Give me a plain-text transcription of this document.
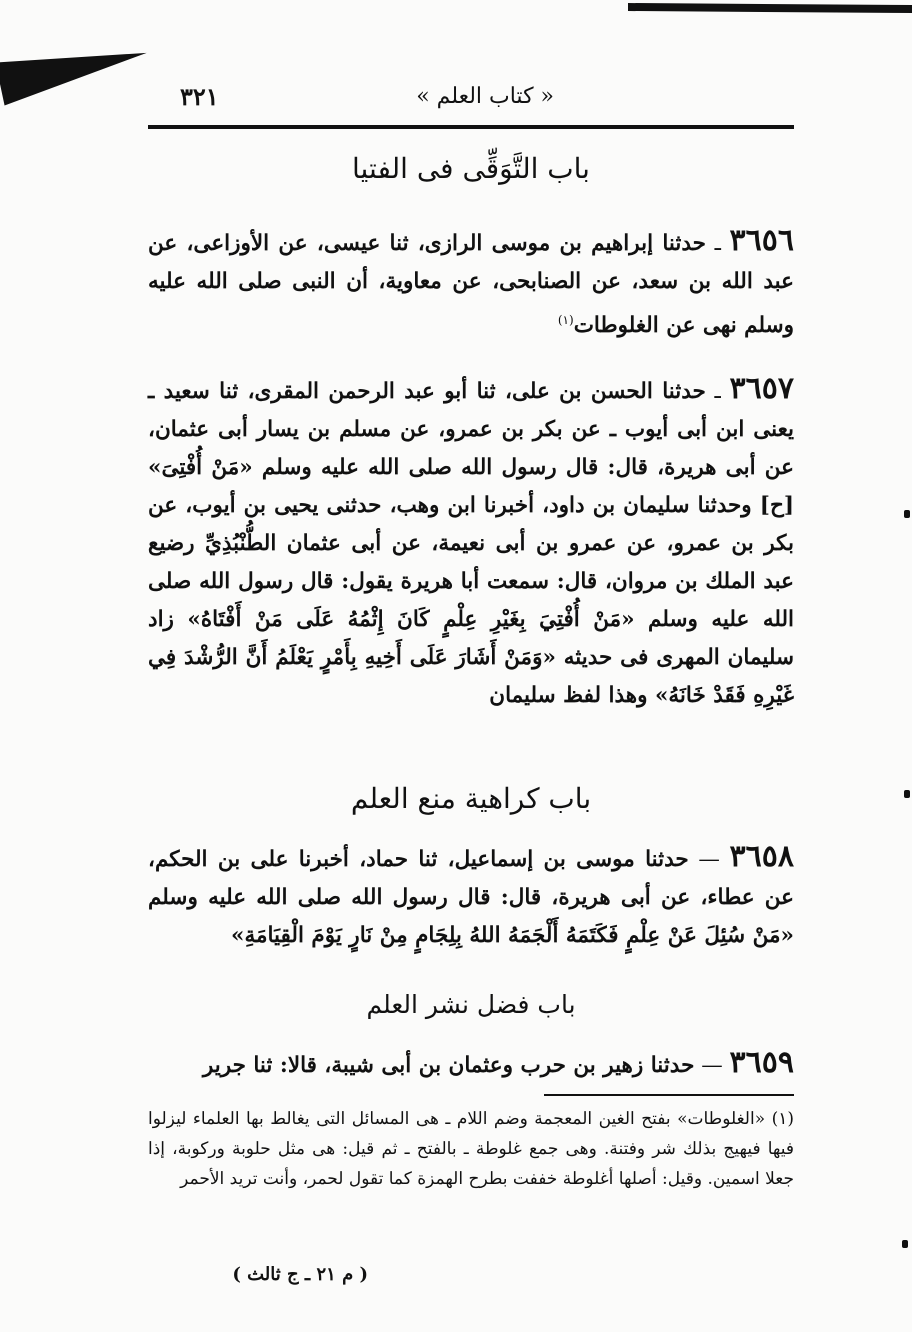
« كتاب العلم »
٣٢١
باب التَّوَقِّى فى الفتيا
٣٦٥٦ ـ حدثنا إبراهيم بن موسى الرازى، ثنا عيسى، عن الأوزاعى، عن عبد الله بن سعد، عن الصنابحى، عن معاوية، أن النبى صلى الله عليه وسلم نهى عن الغلوطات$^{(١)}$
٣٦٥٧ ـ حدثنا الحسن بن على، ثنا أبو عبد الرحمن المقرى، ثنا سعيد ـ يعنى ابن أبى أيوب ـ عن بكر بن عمرو، عن مسلم بن يسار أبى عثمان، عن أبى هريرة، قال: قال رسول الله صلى الله عليه وسلم «مَنْ أُفْتِىَ» [ح] وحدثنا سليمان بن داود، أخبرنا ابن وهب، حدثنى يحيى بن أيوب، عن بكر بن عمرو، عن عمرو بن أبى نعيمة، عن أبى عثمان الطُّنْبُذِيِّ رضيع عبد الملك بن مروان، قال: سمعت أبا هريرة يقول: قال رسول الله صلى الله عليه وسلم «مَنْ أُفْتِيَ بِغَيْرِ عِلْمٍ كَانَ إِثْمُهُ عَلَى مَنْ أَفْتَاهُ» زاد سليمان المهرى فى حديثه «وَمَنْ أَشَارَ عَلَى أَخِيهِ بِأَمْرٍ يَعْلَمُ أَنَّ الرُّشْدَ فِي غَيْرِهِ فَقَدْ خَانَهُ» وهذا لفظ سليمان
باب كراهية منع العلم
٣٦٥٨ — حدثنا موسى بن إسماعيل، ثنا حماد، أخبرنا على بن الحكم، عن عطاء، عن أبى هريرة، قال: قال رسول الله صلى الله عليه وسلم «مَنْ سُئِلَ عَنْ عِلْمٍ فَكَتَمَهُ أَلْجَمَهُ اللهُ بِلِجَامٍ مِنْ نَارٍ يَوْمَ الْقِيَامَةِ»
باب فضل نشر العلم
٣٦٥٩ — حدثنا زهير بن حرب وعثمان بن أبى شيبة، قالا: ثنا جرير
(١) «الغلوطات» بفتح الغين المعجمة وضم اللام ـ هى المسائل التى يغالط بها العلماء ليزلوا فيها فيهيج بذلك شر وفتنة. وهى جمع غلوطة ـ بالفتح ـ ثم قيل: هى مثل حلوبة وركوبة، إذا جعلا اسمين. وقيل: أصلها أغلوطة خففت بطرح الهمزة كما تقول لحمر، وأنت تريد الأحمر
( م ٢١ ـ ج ثالث )
